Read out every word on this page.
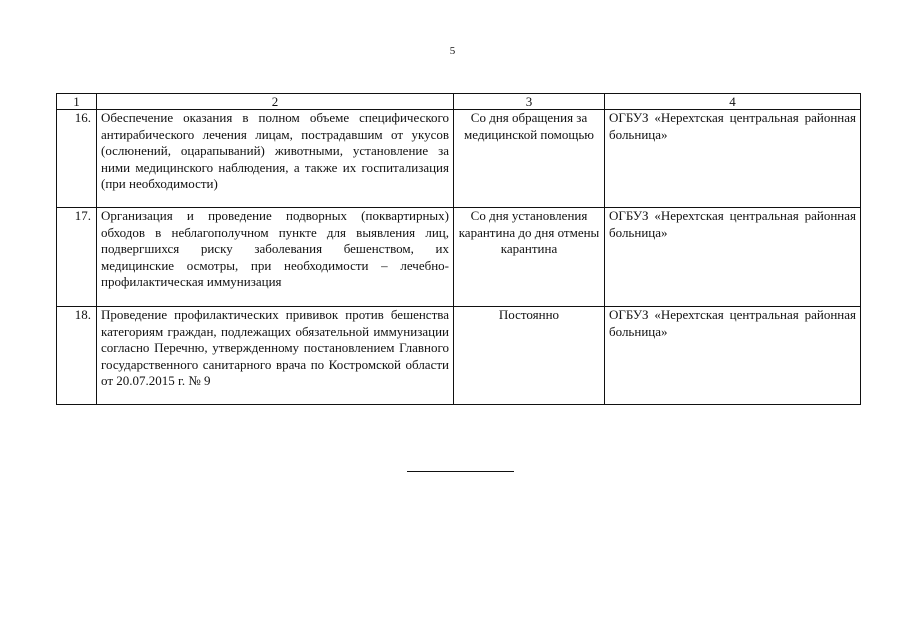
5
1	2	3	4
16.	Обеспечение оказания в полном объеме специфического антирабического лечения лицам, пострадавшим от укусов (ослюнений, оцарапываний) животными, установление за ними медицинского наблюдения, а также их госпитализация (при необходимости)	Со дня обращения за медицинской помощью	ОГБУЗ «Нерехтская центральная районная больница»
17.	Организация и проведение подворных (поквартирных) обходов в неблагополучном пункте для выявления лиц, подвергшихся риску заболевания бешенством, их медицинские осмотры, при необходимости – лечебно-профилактическая иммунизация	Со дня установления карантина до дня отмены карантина	ОГБУЗ «Нерехтская центральная районная больница»
18.	Проведение профилактических прививок против бешенства категориям граждан, подлежащих обязательной иммунизации согласно Перечню, утвержденному постановлением Главного государственного санитарного врача по Костромской области от 20.07.2015 г. № 9	Постоянно	ОГБУЗ «Нерехтская центральная районная больница»
